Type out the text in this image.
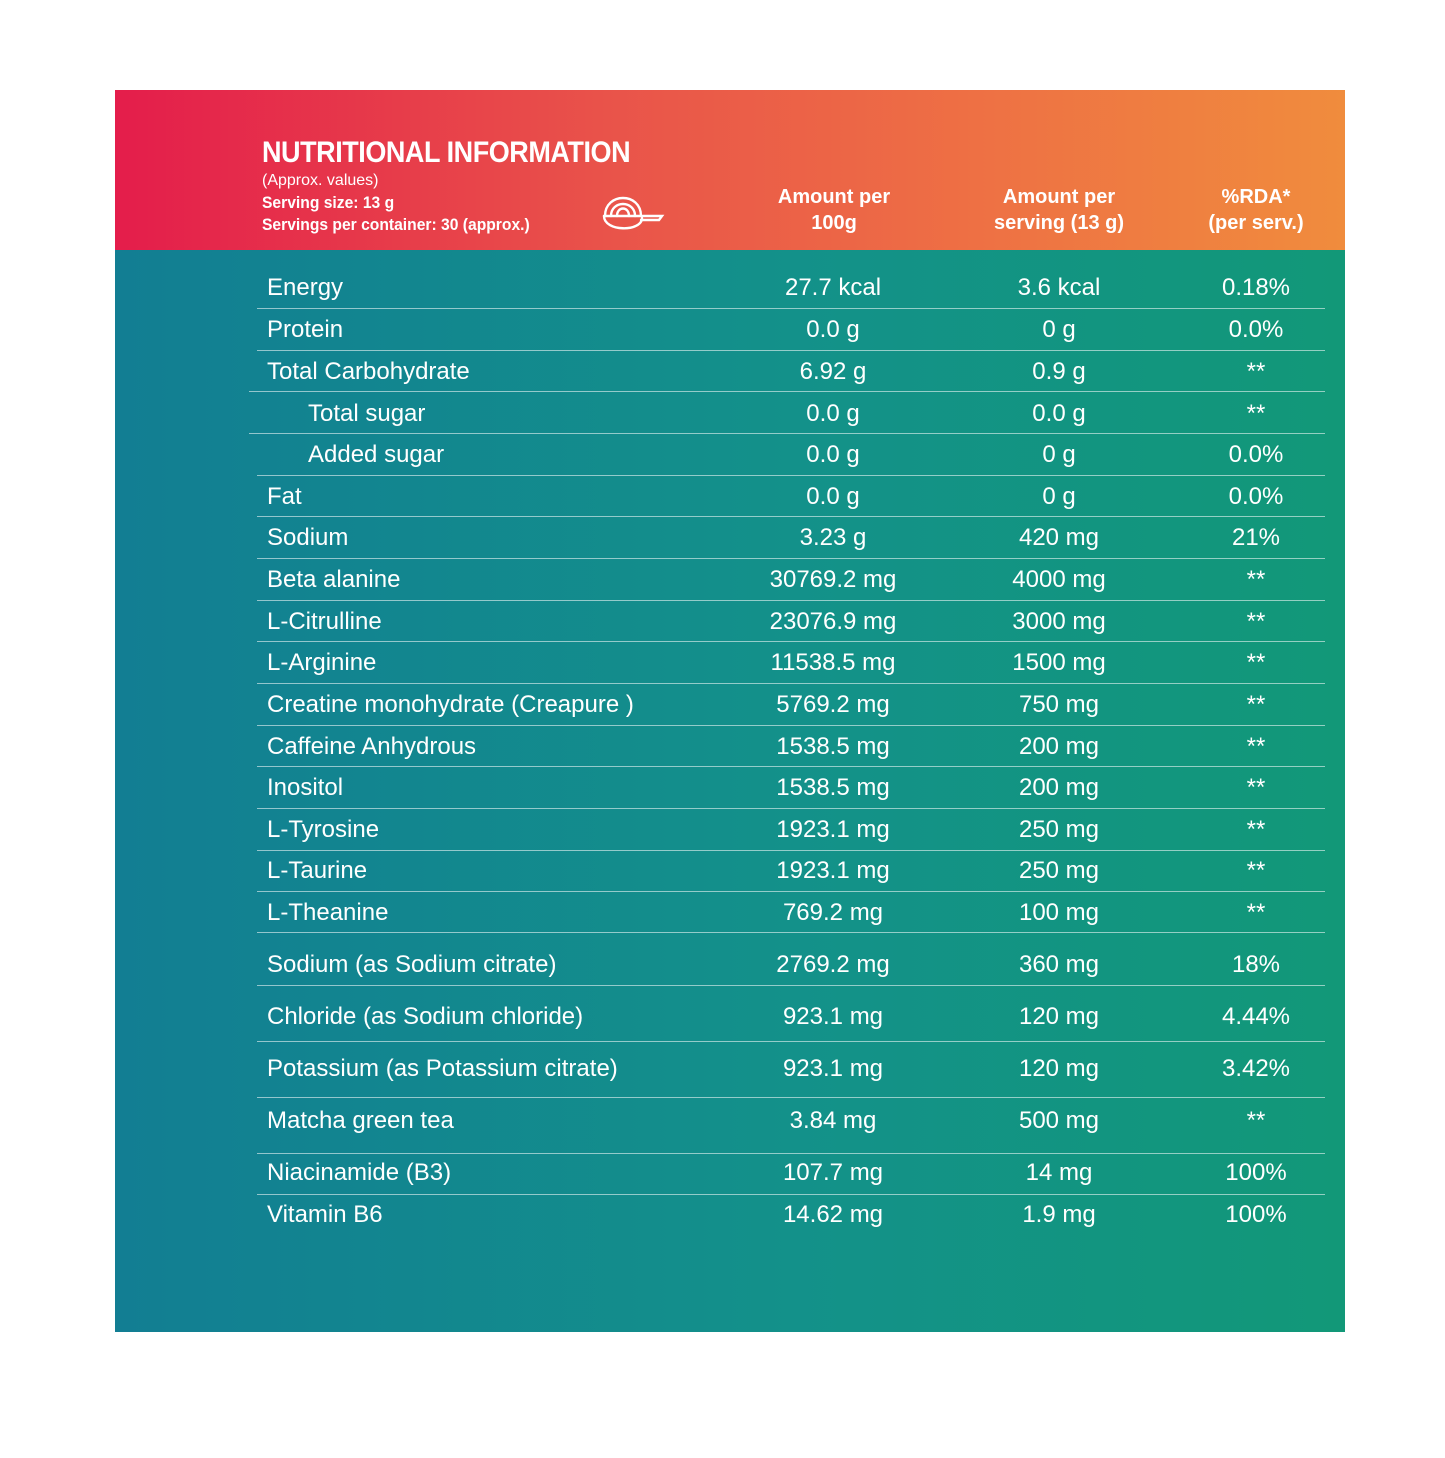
NUTRITIONAL INFORMATION
(Approx. values)
Serving size: 13 g
Servings per container: 30 (approx.)
Amount per
100g
Amount per
serving (13 g)
%RDA*
(per serv.)
Energy	27.7 kcal	3.6 kcal	0.18%
Protein	0.0 g	0 g	0.0%
Total Carbohydrate	6.92 g	0.9 g	**
Total sugar	0.0 g	0.0 g	**
Added sugar	0.0 g	0 g	0.0%
Fat	0.0 g	0 g	0.0%
Sodium	3.23 g	420 mg	21%
Beta alanine	30769.2 mg	4000 mg	**
L-Citrulline	23076.9 mg	3000 mg	**
L-Arginine	11538.5 mg	1500 mg	**
Creatine monohydrate (Creapure )	5769.2 mg	750 mg	**
Caffeine Anhydrous	1538.5 mg	200 mg	**
Inositol	1538.5 mg	200 mg	**
L-Tyrosine	1923.1 mg	250 mg	**
L-Taurine	1923.1 mg	250 mg	**
L-Theanine	769.2 mg	100 mg	**
Sodium (as Sodium citrate)	2769.2 mg	360 mg	18%
Chloride (as Sodium chloride)	923.1 mg	120 mg	4.44%
Potassium (as Potassium citrate)	923.1 mg	120 mg	3.42%
Matcha green tea	3.84 mg	500 mg	**
Niacinamide (B3)	107.7 mg	14 mg	100%
Vitamin B6	14.62 mg	1.9 mg	100%
